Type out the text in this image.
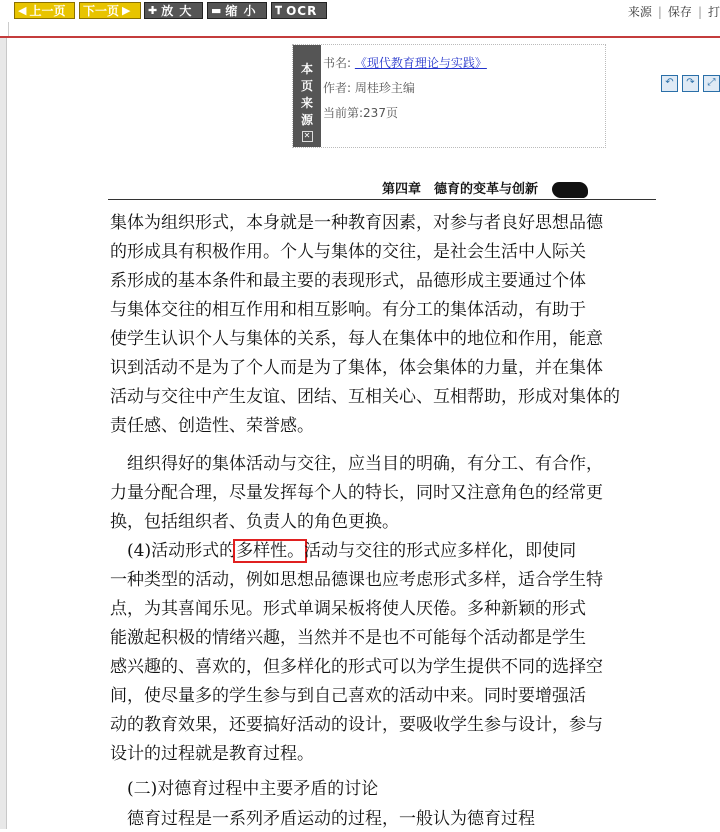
◀ 上一页 下一页 ▶ ✚ 放 大 ▬ 缩 小 𝐓 OCR	来源 | 保存 | 打
本
页
来
源
✕
书名: 《现代教育理论与实践》
作者: 周桂珍主编
当前第:237页
↶	↷	⤢
第四章　德育的变革与创新
集体为组织形式，本身就是一种教育因素，对参与者良好思想品德
的形成具有积极作用。个人与集体的交往，是社会生活中人际关
系形成的基本条件和最主要的表现形式，品德形成主要通过个体
与集体交往的相互作用和相互影响。有分工的集体活动，有助于
使学生认识个人与集体的关系，每人在集体中的地位和作用，能意
识到活动不是为了个人而是为了集体，体会集体的力量，并在集体
活动与交往中产生友谊、团结、互相关心、互相帮助，形成对集体的
责任感、创造性、荣誉感。
　组织得好的集体活动与交往，应当目的明确，有分工、有合作，
力量分配合理，尽量发挥每个人的特长，同时又注意角色的经常更
换，包括组织者、负责人的角色更换。
　(4)活动形式的多样性。活动与交往的形式应多样化，即使同
一种类型的活动，例如思想品德课也应考虑形式多样，适合学生特
点，为其喜闻乐见。形式单调呆板将使人厌倦。多种新颖的形式
能激起积极的情绪兴趣，当然并不是也不可能每个活动都是学生
感兴趣的、喜欢的，但多样化的形式可以为学生提供不同的选择空
间，使尽量多的学生参与到自己喜欢的活动中来。同时要增强活
动的教育效果，还要搞好活动的设计，要吸收学生参与设计，参与
设计的过程就是教育过程。
　(二)对德育过程中主要矛盾的讨论
　德育过程是一系列矛盾运动的过程，一般认为德育过程
